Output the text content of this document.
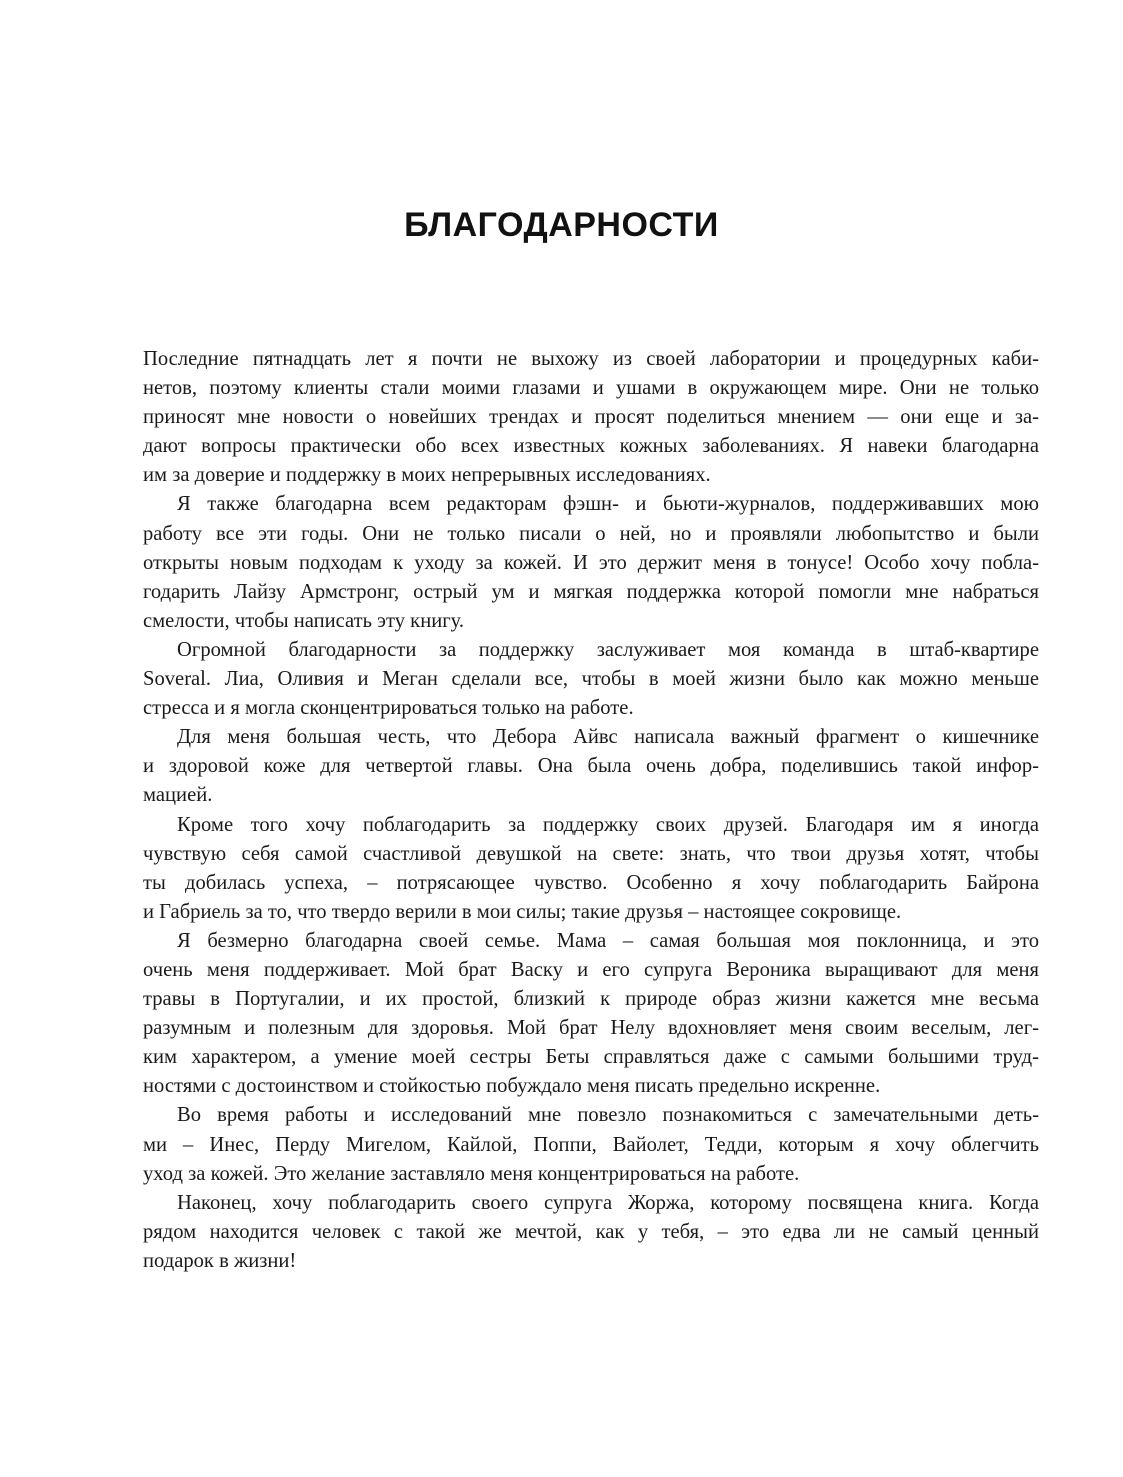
БЛАГОДАРНОСТИ

Последние пятнадцать лет я почти не выхожу из своей лаборатории и процедурных каби-

нетов, поэтому клиенты стали моими глазами и ушами в окружающем мире. Они не только

приносят мне новости о новейших трендах и просят поделиться мнением — они еще и за-

дают вопросы практически обо всех известных кожных заболеваниях. Я навеки благодарна

им за доверие и поддержку в моих непрерывных исследованиях.

Я также благодарна всем редакторам фэшн- и бьюти-журналов, поддерживавших мою

работу все эти годы. Они не только писали о ней, но и проявляли любопытство и были

открыты новым подходам к уходу за кожей. И это держит меня в тонусе! Особо хочу побла-

годарить Лайзу Армстронг, острый ум и мягкая поддержка которой помогли мне набраться

смелости, чтобы написать эту книгу.

Огромной благодарности за поддержку заслуживает моя команда в штаб-квартире

Soveral. Лиа, Оливия и Меган сделали все, чтобы в моей жизни было как можно меньше

стресса и я могла сконцентрироваться только на работе.

Для меня большая честь, что Дебора Айвс написала важный фрагмент о кишечнике

и здоровой коже для четвертой главы. Она была очень добра, поделившись такой инфор-

мацией.

Кроме того хочу поблагодарить за поддержку своих друзей. Благодаря им я иногда

чувствую себя самой счастливой девушкой на свете: знать, что твои друзья хотят, чтобы

ты добилась успеха, – потрясающее чувство. Особенно я хочу поблагодарить Байрона

и Габриель за то, что твердо верили в мои силы; такие друзья – настоящее сокровище.

Я безмерно благодарна своей семье. Мама – самая большая моя поклонница, и это

очень меня поддерживает. Мой брат Васку и его супруга Вероника выращивают для меня

травы в Португалии, и их простой, близкий к природе образ жизни кажется мне весьма

разумным и полезным для здоровья. Мой брат Нелу вдохновляет меня своим веселым, лег-

ким характером, а умение моей сестры Беты справляться даже с самыми большими труд-

ностями с достоинством и стойкостью побуждало меня писать предельно искренне.

Во время работы и исследований мне повезло познакомиться с замечательными деть-

ми – Инес, Перду Мигелом, Кайлой, Поппи, Вайолет, Тедди, которым я хочу облегчить

уход за кожей. Это желание заставляло меня концентрироваться на работе.

Наконец, хочу поблагодарить своего супруга Жоржа, которому посвящена книга. Когда

рядом находится человек с такой же мечтой, как у тебя, – это едва ли не самый ценный

подарок в жизни!
